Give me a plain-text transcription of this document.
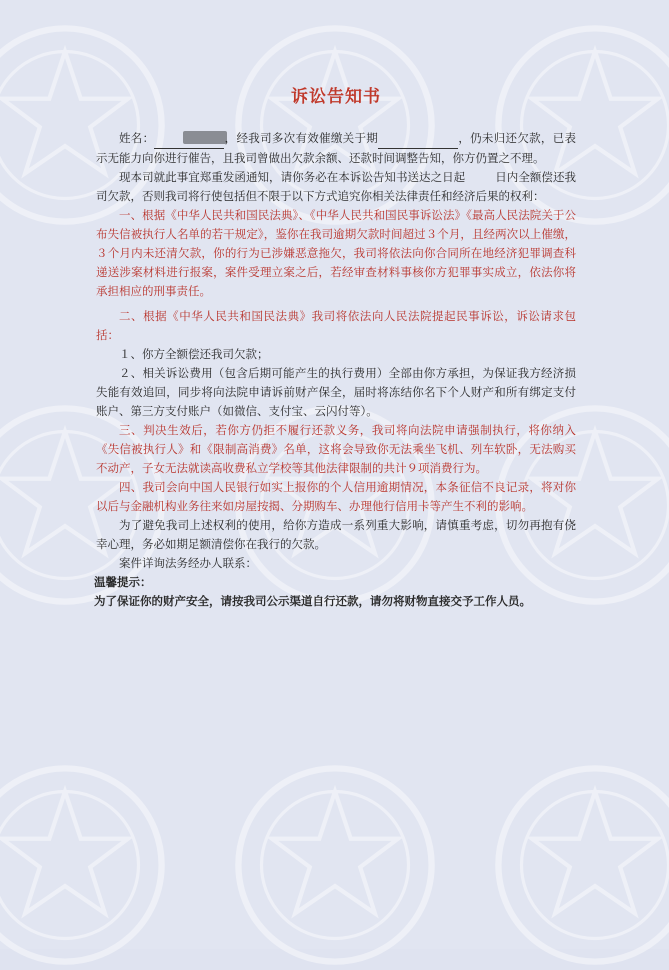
诉讼告知书

姓名：	，经我司多次有效催缴关于期	，仍未归还欠款，已表示无能力向你进行催告，且我司曾做出欠款余额、还款时间调整告知，你方仍置之不理。

现本司就此事宜郑重发函通知，请你务必在本诉讼告知书送达之日起	日内全额偿还我司欠款，否则我司将行使包括但不限于以下方式追究你相关法律责任和经济后果的权利：

一、根据《中华人民共和国民法典》、《中华人民共和国民事诉讼法》《最高人民法院关于公布失信被执行人名单的若干规定》，鉴你在我司逾期欠款时间超过３个月，且经两次以上催缴，３个月内未还清欠款，你的行为已涉嫌恶意拖欠，我司将依法向你合同所在地经济犯罪调查科递送涉案材料进行报案，案件受理立案之后，若经审查材料事核你方犯罪事实成立，依法你将承担相应的刑事责任。

二、根据《中华人民共和国民法典》我司将依法向人民法院提起民事诉讼，诉讼请求包括：

１、你方全额偿还我司欠款；

２、相关诉讼费用（包含后期可能产生的执行费用）全部由你方承担，为保证我方经济损失能有效追回，同步将向法院申请诉前财产保全，届时将冻结你名下个人财产和所有绑定支付账户、第三方支付账户（如微信、支付宝、云闪付等）。

三、判决生效后，若你方仍拒不履行还款义务，我司将向法院申请强制执行，将你纳入《失信被执行人》和《限制高消费》名单，这将会导致你无法乘坐飞机、列车软卧，无法购买不动产，子女无法就读高收费私立学校等其他法律限制的共计９项消费行为。

四、我司会向中国人民银行如实上报你的个人信用逾期情况，本条征信不良记录，将对你以后与金融机构业务往来如房屋按揭、分期购车、办理他行信用卡等产生不利的影响。

为了避免我司上述权利的使用，给你方造成一系列重大影响，请慎重考虑，切勿再抱有侥幸心理，务必如期足额清偿你在我行的欠款。

案件详询法务经办人联系：

温馨提示：

为了保证你的财产安全，请按我司公示渠道自行还款，请勿将财物直接交予工作人员。
